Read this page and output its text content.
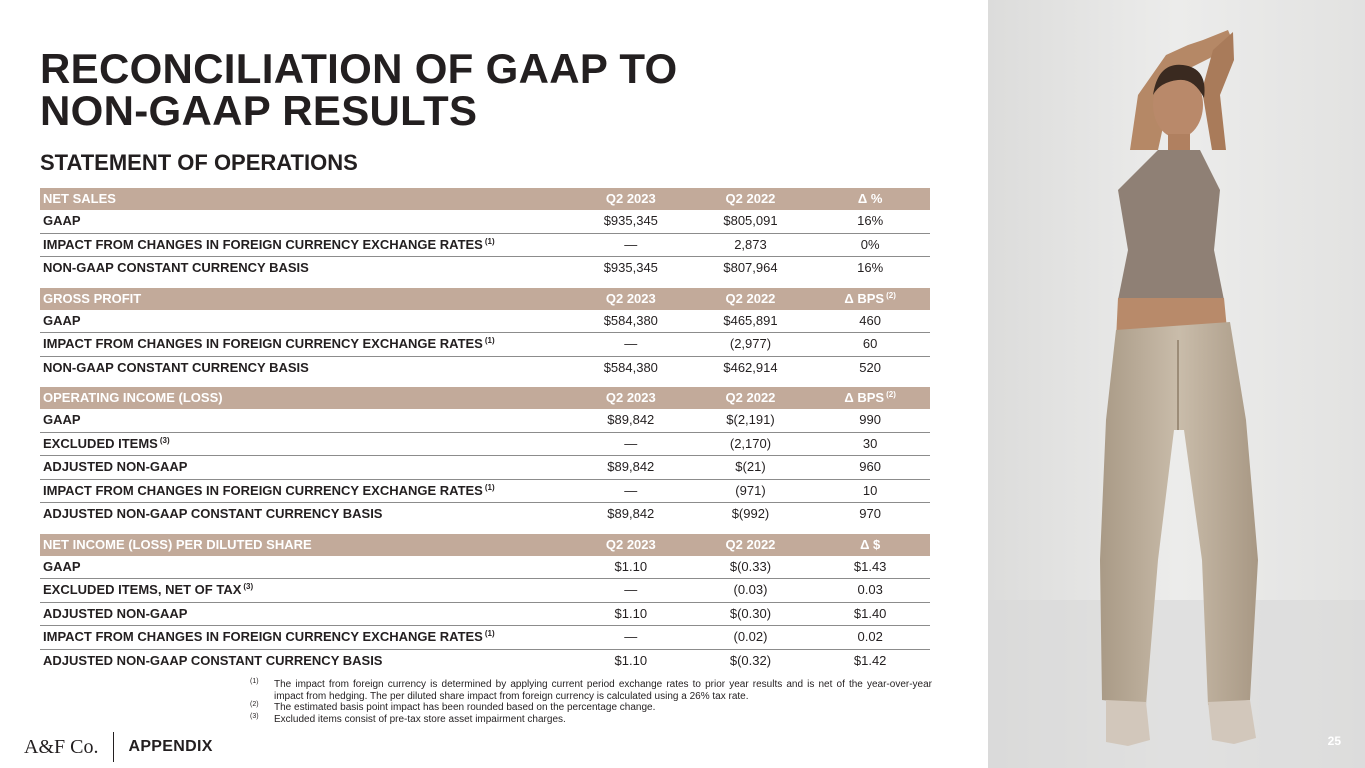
RECONCILIATION OF GAAP TO
NON-GAAP RESULTS
STATEMENT OF OPERATIONS
NET SALES	Q2 2023	Q2 2022	Δ %
GAAP	$935,345	$805,091	16%
IMPACT FROM CHANGES IN FOREIGN CURRENCY EXCHANGE RATES $^{(1)}$	—	2,873	0%
NON-GAAP CONSTANT CURRENCY BASIS	$935,345	$807,964	16%

GROSS PROFIT	Q2 2023	Q2 2022	Δ BPS $^{(2)}$
GAAP	$584,380	$465,891	460
IMPACT FROM CHANGES IN FOREIGN CURRENCY EXCHANGE RATES $^{(1)}$	—	(2,977)	60
NON-GAAP CONSTANT CURRENCY BASIS	$584,380	$462,914	520

OPERATING INCOME (LOSS)	Q2 2023	Q2 2022	Δ BPS $^{(2)}$
GAAP	$89,842	$(2,191)	990
EXCLUDED ITEMS $^{(3)}$	—	(2,170)	30
ADJUSTED NON-GAAP	$89,842	$(21)	960
IMPACT FROM CHANGES IN FOREIGN CURRENCY EXCHANGE RATES $^{(1)}$	—	(971)	10
ADJUSTED NON-GAAP CONSTANT CURRENCY BASIS	$89,842	$(992)	970

NET INCOME (LOSS) PER DILUTED SHARE	Q2 2023	Q2 2022	Δ $
GAAP	$1.10	$(0.33)	$1.43
EXCLUDED ITEMS, NET OF TAX $^{(3)}$	—	(0.03)	0.03
ADJUSTED NON-GAAP	$1.10	$(0.30)	$1.40
IMPACT FROM CHANGES IN FOREIGN CURRENCY EXCHANGE RATES $^{(1)}$	—	(0.02)	0.02
ADJUSTED NON-GAAP CONSTANT CURRENCY BASIS	$1.10	$(0.32)	$1.42
(1) The impact from foreign currency is determined by applying current period exchange rates to prior year results and is net of the year-over-year impact from hedging. The per diluted share impact from foreign currency is calculated using a 26% tax rate.
(2) The estimated basis point impact has been rounded based on the percentage change.
(3) Excluded items consist of pre-tax store asset impairment charges.
A&F Co. APPENDIX	25
